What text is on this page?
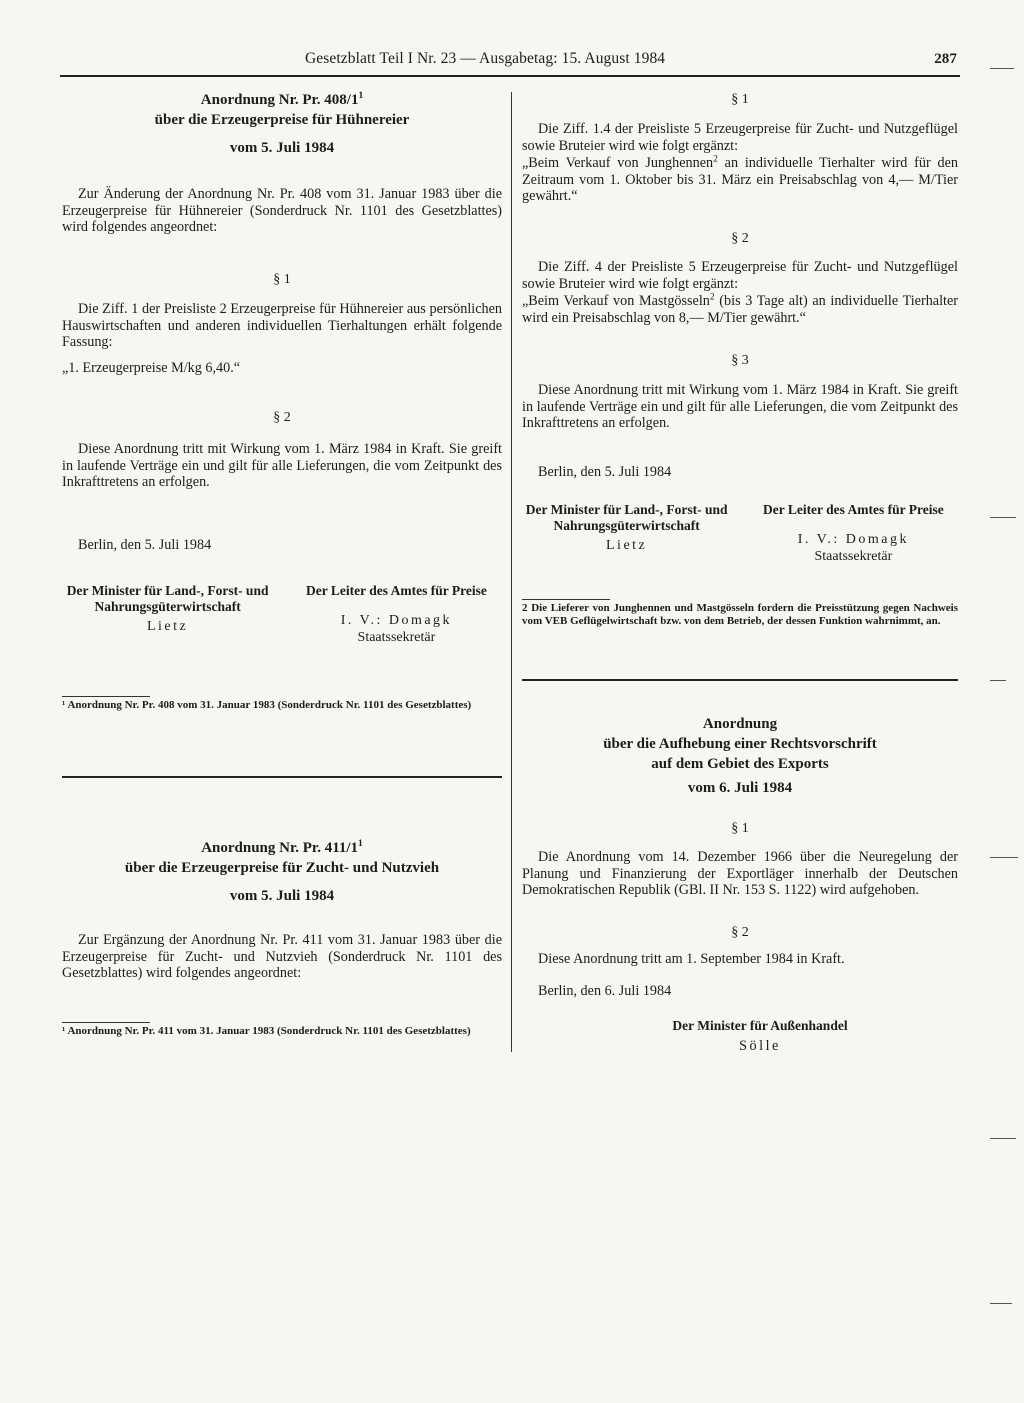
Gesetzblatt Teil I Nr. 23 — Ausgabetag: 15. August 1984	287
Anordnung Nr. Pr. $408/1^1$
über die Erzeugerpreise für Hühnereier
vom 5. Juli 1984

Zur Änderung der Anordnung Nr. Pr. 408 vom 31. Januar 1983 über die Erzeugerpreise für Hühnereier (Sonderdruck Nr. 1101 des Gesetzblattes) wird folgendes angeordnet:

§ 1

Die Ziff. 1 der Preisliste 2 Erzeugerpreise für Hühnereier aus persönlichen Hauswirtschaften und anderen individuellen Tierhaltungen erhält folgende Fassung:

„1. Erzeugerpreise M/kg 6,40.“

§ 2

Diese Anordnung tritt mit Wirkung vom 1. März 1984 in Kraft. Sie greift in laufende Verträge ein und gilt für alle Lieferungen, die vom Zeitpunkt des Inkrafttretens an erfolgen.

Berlin, den 5. Juli 1984

Der Minister für Land-, Forst- und Nahrungsgüterwirtschaft
Lietz
Der Leiter des Amtes für Preise
I. V.: Domagk
Staatssekretär
¹ Anordnung Nr. Pr. 408 vom 31. Januar 1983 (Sonderdruck Nr. 1101 des Gesetzblattes)
Anordnung Nr. Pr. $411/1^1$
über die Erzeugerpreise für Zucht- und Nutzvieh
vom 5. Juli 1984

Zur Ergänzung der Anordnung Nr. Pr. 411 vom 31. Januar 1983 über die Erzeugerpreise für Zucht- und Nutzvieh (Sonderdruck Nr. 1101 des Gesetzblattes) wird folgendes angeordnet:

¹ Anordnung Nr. Pr. 411 vom 31. Januar 1983 (Sonderdruck Nr. 1101 des Gesetzblattes)
§ 1

Die Ziff. 1.4 der Preisliste 5 Erzeugerpreise für Zucht- und Nutzgeflügel sowie Bruteier wird wie folgt ergänzt:

„Beim Verkauf von Junghennen$^2$ an individuelle Tierhalter wird für den Zeitraum vom 1. Oktober bis 31. März ein Preisabschlag von 4,— M/Tier gewährt.“

§ 2

Die Ziff. 4 der Preisliste 5 Erzeugerpreise für Zucht- und Nutzgeflügel sowie Bruteier wird wie folgt ergänzt:

„Beim Verkauf von Mastgösseln$^2$ (bis 3 Tage alt) an individuelle Tierhalter wird ein Preisabschlag von 8,— M/Tier gewährt.“

§ 3

Diese Anordnung tritt mit Wirkung vom 1. März 1984 in Kraft. Sie greift in laufende Verträge ein und gilt für alle Lieferungen, die vom Zeitpunkt des Inkrafttretens an erfolgen.

Berlin, den 5. Juli 1984

Der Minister für Land-, Forst- und Nahrungsgüterwirtschaft
Lietz
Der Leiter des Amtes für Preise
I. V.: Domagk
Staatssekretär
2 Die Lieferer von Junghennen und Mastgösseln fordern die Preisstützung gegen Nachweis vom VEB Geflügelwirtschaft bzw. von dem Betrieb, der dessen Funktion wahrnimmt, an.
Anordnung
über die Aufhebung einer Rechtsvorschrift
auf dem Gebiet des Exports
vom 6. Juli 1984
§ 1

Die Anordnung vom 14. Dezember 1966 über die Neuregelung der Planung und Finanzierung der Exportläger innerhalb der Deutschen Demokratischen Republik (GBl. II Nr. 153 S. 1122) wird aufgehoben.

§ 2

Diese Anordnung tritt am 1. September 1984 in Kraft.

Berlin, den 6. Juli 1984

Der Minister für Außenhandel
Sölle
